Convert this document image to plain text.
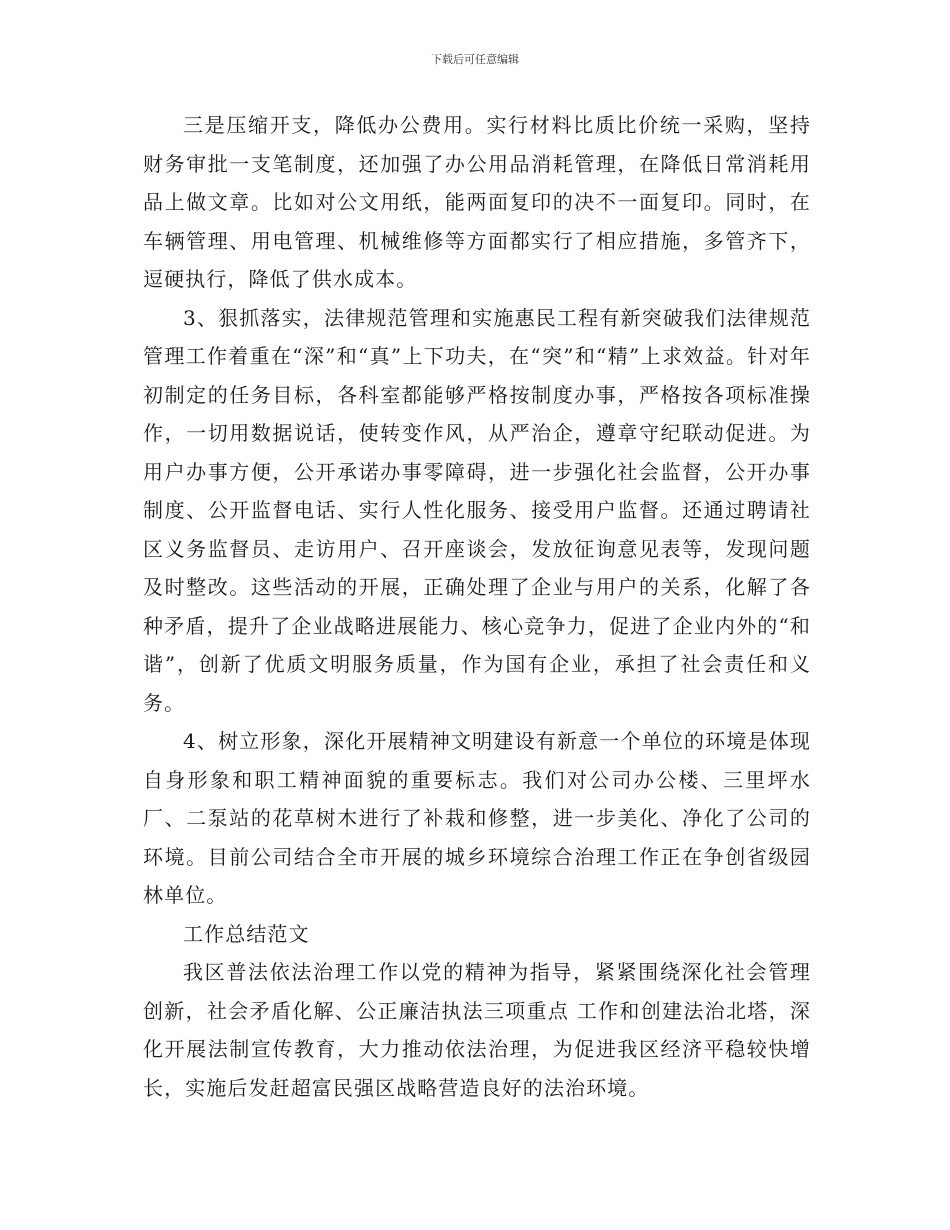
下载后可任意编辑

三是压缩开支，降低办公费用。实行材料比质比价统一采购，坚持财务审批一支笔制度，还加强了办公用品消耗管理，在降低日常消耗用品上做文章。比如对公文用纸，能两面复印的决不一面复印。同时，在车辆管理、用电管理、机械维修等方面都实行了相应措施，多管齐下，逗硬执行，降低了供水成本。

3、狠抓落实，法律规范管理和实施惠民工程有新突破我们法律规范管理工作着重在“深”和“真”上下功夫，在“突”和“精”上求效益。针对年初制定的任务目标，各科室都能够严格按制度办事，严格按各项标准操作，一切用数据说话，使转变作风，从严治企，遵章守纪联动促进。为用户办事方便，公开承诺办事零障碍，进一步强化社会监督，公开办事制度、公开监督电话、实行人性化服务、接受用户监督。还通过聘请社区义务监督员、走访用户、召开座谈会，发放征询意见表等，发现问题及时整改。这些活动的开展，正确处理了企业与用户的关系，化解了各种矛盾，提升了企业战略进展能力、核心竞争力，促进了企业内外的“和谐”，创新了优质文明服务质量，作为国有企业，承担了社会责任和义务。

4、树立形象，深化开展精神文明建设有新意一个单位的环境是体现自身形象和职工精神面貌的重要标志。我们对公司办公楼、三里坪水厂、二泵站的花草树木进行了补栽和修整，进一步美化、净化了公司的环境。目前公司结合全市开展的城乡环境综合治理工作正在争创省级园林单位。

工作总结范文

我区普法依法治理工作以党的精神为指导，紧紧围绕深化社会管理创新，社会矛盾化解、公正廉洁执法三项重点 工作和创建法治北塔，深化开展法制宣传教育，大力推动依法治理，为促进我区经济平稳较快增长，实施后发赶超富民强区战略营造良好的法治环境。
